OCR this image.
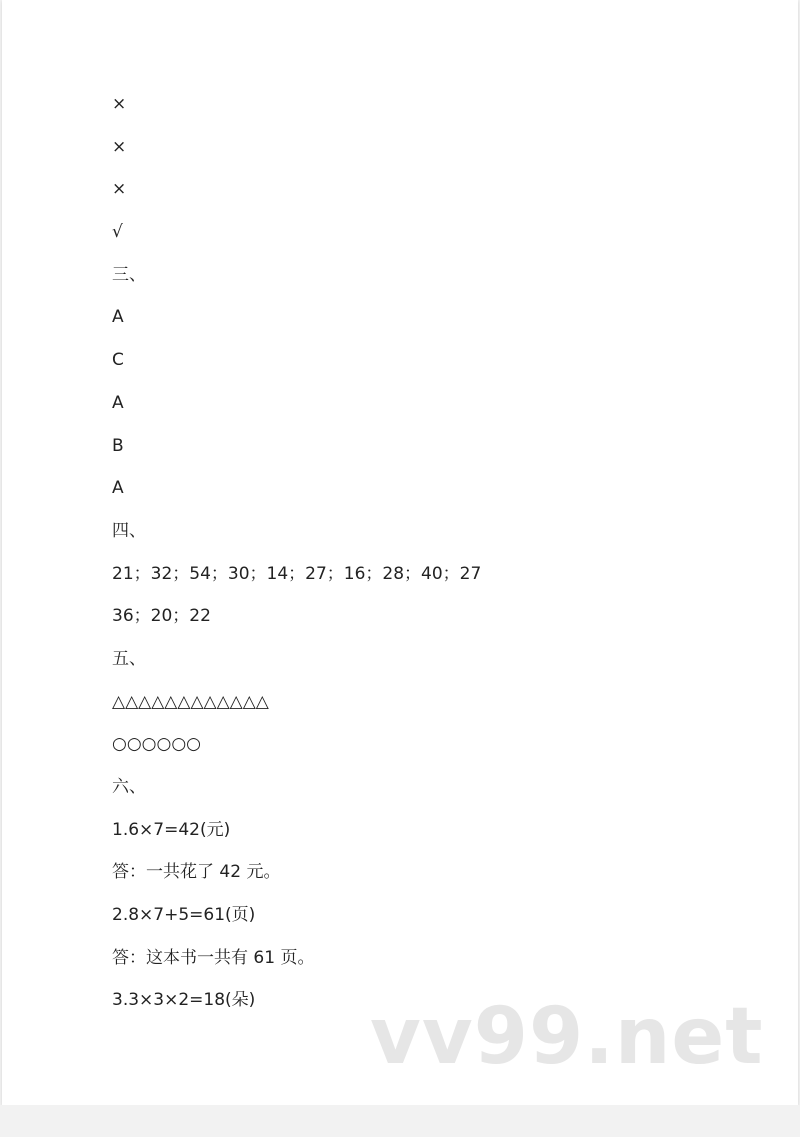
×
×
×
√
三、
A
C
A
B
A
四、
21；32；54；30；14；27；16；28；40；27
36；20；22
五、
△△△△△△△△△△△△
○○○○○○
六、
1.6×7=42(元)
答：一共花了 42 元。
2.8×7+5=61(页)
答：这本书一共有 61 页。
3.3×3×2=18(朵) vv99.net
